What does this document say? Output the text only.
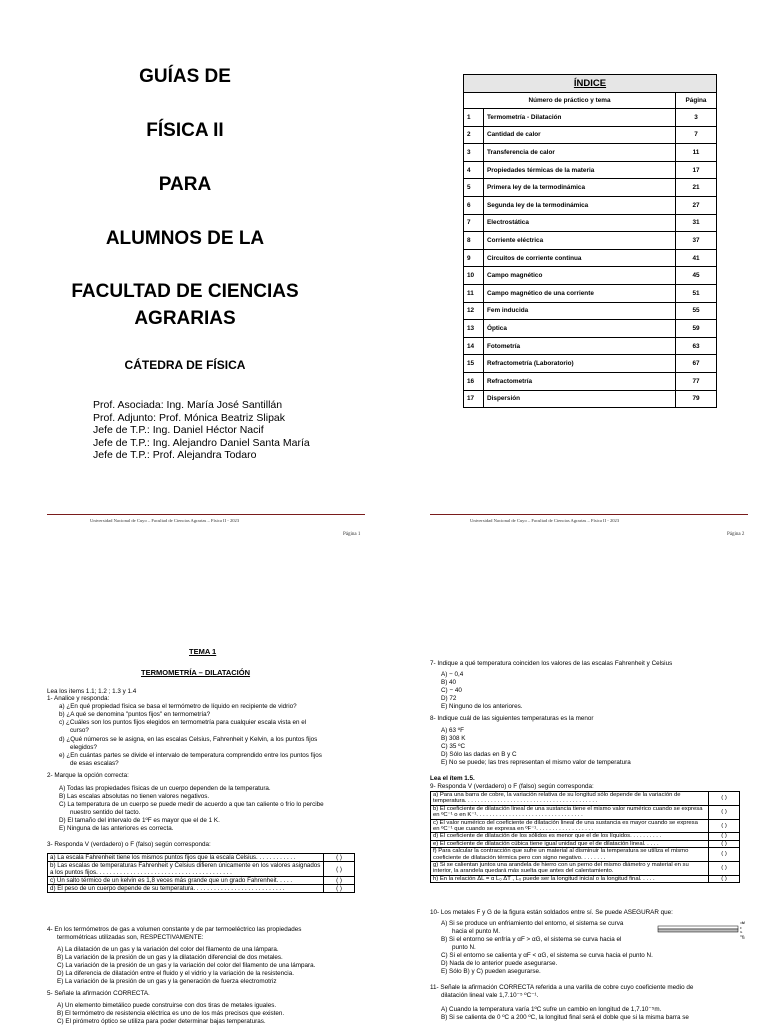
GUÍAS DE
FÍSICA II
PARA
ALUMNOS DE LA
FACULTAD DE CIENCIAS
AGRARIAS
CÁTEDRA DE FÍSICA
Prof. Asociada: Ing. María José Santillán
Prof. Adjunto: Prof. Mónica Beatriz Slipak
Jefe de T.P.: Ing. Daniel Héctor Nacif
Jefe de T.P.: Ing. Alejandro Daniel Santa María
Jefe de T.P.: Prof. Alejandra Todaro
ÍNDICE		
Número de práctico y tema		Página
1	Termometría - Dilatación	3
2	Cantidad de calor	7
3	Transferencia de calor	11
4	Propiedades térmicas de la materia	17
5	Primera ley de la termodinámica	21
6	Segunda ley de la termodinámica	27
7	Electrostática	31
8	Corriente eléctrica	37
9	Circuitos de corriente continua	41
10	Campo magnético	45
11	Campo magnético de una corriente	51
12	Fem inducida	55
13	Óptica	59
14	Fotometría	63
15	Refractometría (Laboratorio)	67
16	Refractometría	77
17	Dispersión	79
Universidad Nacional de Cuyo – Facultad de Ciencias Agrarias – Física II - 2023
Página 1
Universidad Nacional de Cuyo – Facultad de Ciencias Agrarias – Física II - 2023
Página 2
TEMA 1
TERMOMETRÍA – DILATACIÓN
Lea los items 1.1; 1.2 ; 1.3 y 1.4
1- Analice y responda:
a) ¿En qué propiedad física se basa el termómetro de líquido en recipiente de vidrio?
b) ¿A qué se denomina "puntos fijos" en termometría?
c) ¿Cuáles son los puntos fijos elegidos en termometría para cualquier escala vista en el
curso?
d) ¿Qué números se le asigna, en las escalas Celsius, Fahrenheit y Kelvin, a los puntos fijos
elegidos?
e) ¿En cuántas partes se divide el intervalo de temperatura comprendido entre los puntos fijos
de esas escalas?
2- Marque la opción correcta:
A) Todas las propiedades físicas de un cuerpo dependen de la temperatura.
B) Las escalas absolutas no tienen valores negativos.
C) La temperatura de un cuerpo se puede medir de acuerdo a que tan caliente o frío lo percibe
nuestro sentido del tacto.
D) El tamaño del intervalo de 1ºF es mayor que el de 1 K.
E) Ninguna de las anteriores es correcta.
3- Responda V (verdadero) o F (falso) según corresponda:
a) La escala Fahrenheit tiene los mismos puntos fijos que la escala Celsius. . . . . . . . . . . .	( )
b) Las escalas de temperaturas Fahrenheit y Celsius difieren únicamente en los valores asignados a los puntos fijos. . . . . . . . . . . . . . . . . . . . . . . . . . . . . . . . . . . . . . . .	( )
c) Un salto térmico de un kelvin es 1,8 veces más grande que un grado Fahrenheit. . . . .	( )
d) El peso de un cuerpo depende de su temperatura. . . . . . . . . . . . . . . . . . . . . . . . . . .	( )
4- En los termómetros de gas a volumen constante y de par termoeléctrico las propiedades
termométricas utilizadas son, RESPECTIVAMENTE:
A) La dilatación de un gas y la variación del color del filamento de una lámpara.
B) La variación de la presión de un gas y la dilatación diferencial de dos metales.
C) La variación de la presión de un gas y la variación del color del filamento de una lámpara.
D) La diferencia de dilatación entre el fluido y el vidrio y la variación de la resistencia.
E) La variación de la presión de un gas y la generación de fuerza electromotriz
5- Señale la afirmación CORRECTA.
A) Un elemento bimetálico puede construirse con dos tiras de metales iguales.
B) El termómetro de resistencia eléctrica es uno de los más precisos que existen.
C) El pirómetro óptico se utiliza para poder determinar bajas temperaturas.
7- Indique a qué temperatura coinciden los valores de las escalas Fahrenheit y Celsius
A) − 0,4
B) 40
C) − 40
D) 72
E) Ninguno de los anteriores.
8- Indique cuál de las siguientes temperaturas es la menor
A) 63 ºF
B) 308 K
C) 35 ºC
D) Sólo las dadas en B y C
E) No se puede; las tres representan el mismo valor de temperatura
Lea el ítem 1.5.
9- Responda V (verdadero) o F (falso) según corresponda:
a) Para una barra de cobre, la variación relativa de su longitud sólo depende de la variación de temperatura. . . . . . . . . . . . . . . . . . . . . . . . . . . . . . . . . . . . . . . . .	( )
b) El coeficiente de dilatación lineal de una sustancia tiene el mismo valor numérico cuando se expresa en ºC⁻¹ o en K⁻¹. . . . . . . . . . . . . . . . . . . . . . . . . . . . . . . . .	( )
c) El valor numérico del coeficiente de dilatación lineal de una sustancia es mayor cuando se expresa en ºC⁻¹ que cuando se expresa en ºF⁻¹. . . . . . . . . . . . . . . . . .	( )
d) El coeficiente de dilatación de los sólidos es menor que el de los líquidos. . . . . . . . . .	( )
e) El coeficiente de dilatación cúbica tiene igual unidad que el de dilatación lineal. . . . .	( )
f) Para calcular la contracción que sufre un material al disminuir la temperatura se utiliza el mismo coeficiente de dilatación térmica pero con signo negativo. . . . . . . .	( )
g) Si se calientan juntos una arandela de hierro con un perno del mismo diámetro y material en su interior, la arandela quedará más suelta que antes del calentamiento.	( )
h) En la relación ΔL = α L₀ ΔT , L₀ puede ser la longitud inicial o la longitud final. . . . .	( )
10- Los metales F y G de la figura están soldados entre sí. Se puede ASEGURAR que:
A) Si se produce un enfriamiento del entorno, el sistema se curva
hacia el punto M.
B) Si el entorno se enfría y αF > αG, el sistema se curva hacia el
punto N.
C) Si el entorno se calienta y αF < αG, el sistema se curva hacia el punto N.
D) Nada de lo anterior puede asegurarse.
E) Sólo B) y C) pueden asegurarse.
M
N
F
G
11- Señale la afirmación CORRECTA referida a una varilla de cobre cuyo coeficiente medio de
dilatación lineal vale 1,7.10⁻⁵ ºC⁻¹.
A) Cuando la temperatura varía 1ºC sufre un cambio en longitud de 1,7.10⁻⁵m.
B) Si se calienta de 0 ºC a 200 ºC, la longitud final será el doble que si la misma barra se
